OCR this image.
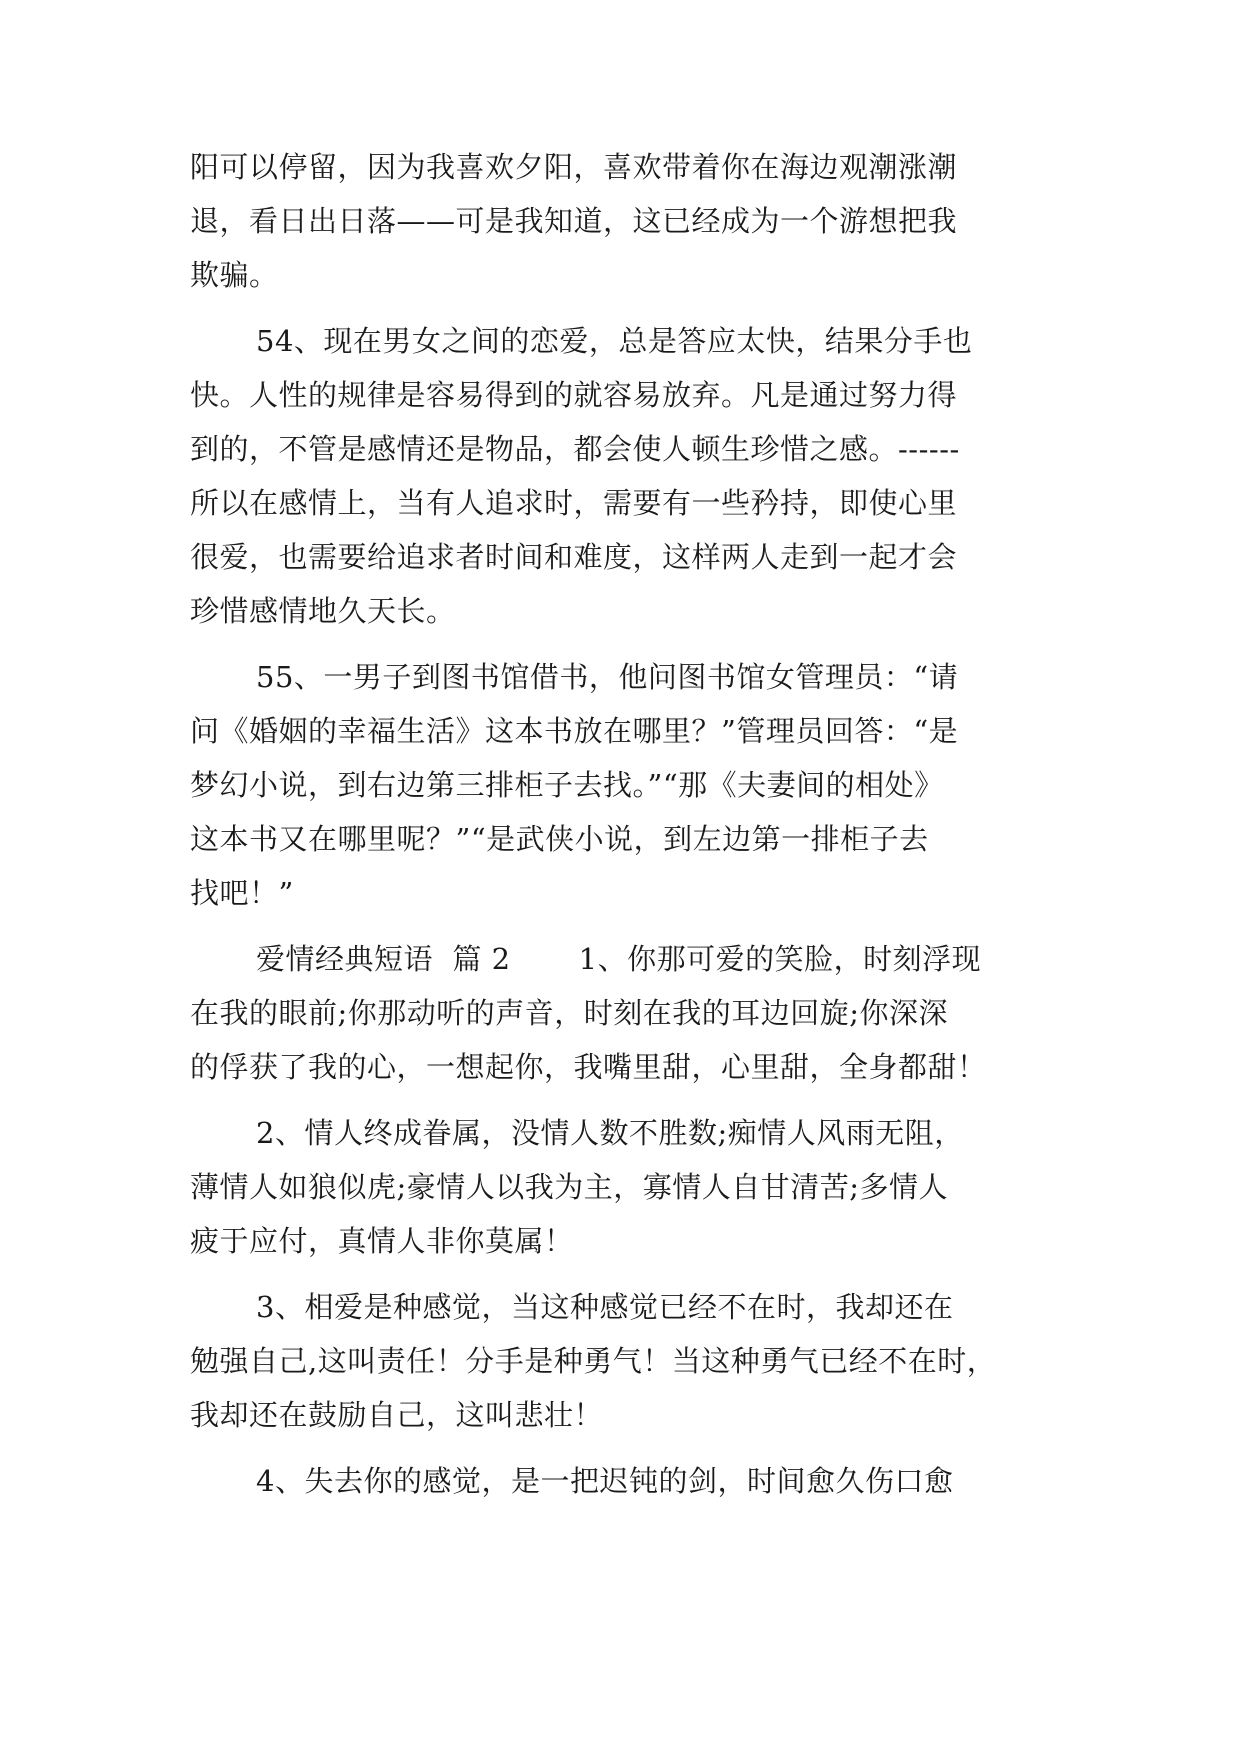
阳可以停留，因为我喜欢夕阳，喜欢带着你在海边观潮涨潮

退，看日出日落——可是我知道，这已经成为一个游想把我

欺骗。

54、现在男女之间的恋爱，总是答应太快，结果分手也

快。人性的规律是容易得到的就容易放弃。凡是通过努力得

到的，不管是感情还是物品，都会使人顿生珍惜之感。------

所以在感情上，当有人追求时，需要有一些矜持，即使心里

很爱，也需要给追求者时间和难度，这样两人走到一起才会

珍惜感情地久天长。

55、一男子到图书馆借书，他问图书馆女管理员：“请

问《婚姻的幸福生活》这本书放在哪里？”管理员回答：“是

梦幻小说，到右边第三排柜子去找。”“那《夫妻间的相处》

这本书又在哪里呢？”“是武侠小说，到左边第一排柜子去

找吧！”

爱情经典短语  篇 2       1、你那可爱的笑脸，时刻浮现

在我的眼前;你那动听的声音，时刻在我的耳边回旋;你深深

的俘获了我的心，一想起你，我嘴里甜，心里甜，全身都甜！

2、情人终成眷属，没情人数不胜数;痴情人风雨无阻，

薄情人如狼似虎;豪情人以我为主，寡情人自甘清苦;多情人

疲于应付，真情人非你莫属！

3、相爱是种感觉，当这种感觉已经不在时，我却还在

勉强自己,这叫责任！分手是种勇气！当这种勇气已经不在时，

我却还在鼓励自己，这叫悲壮！

4、失去你的感觉，是一把迟钝的剑，时间愈久伤口愈
